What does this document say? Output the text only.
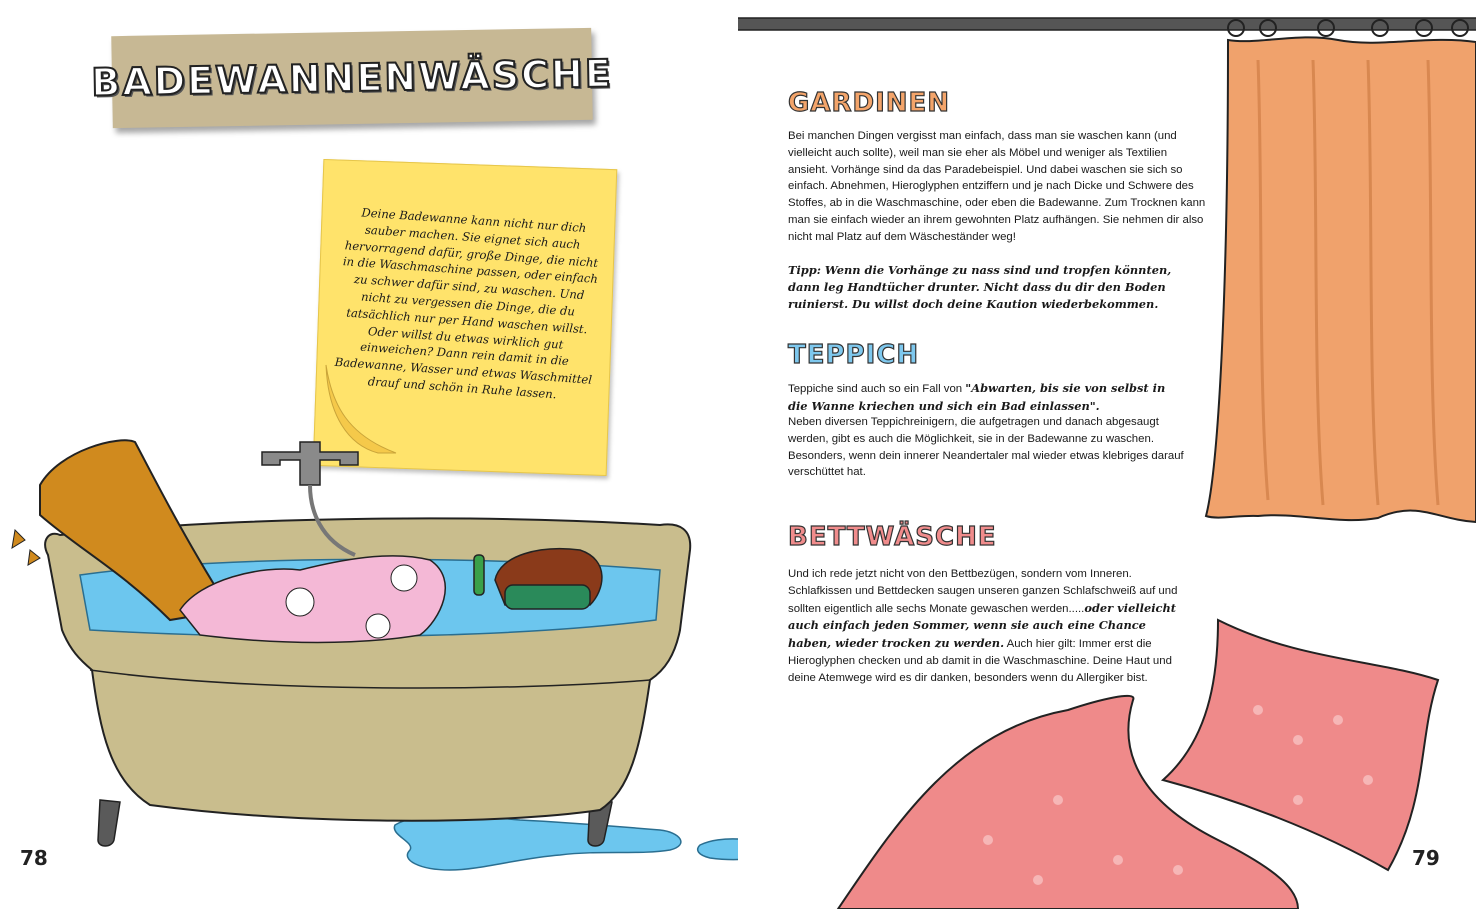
BADEWANNENWÄSCHE
Deine Badewanne kann nicht nur dich sauber machen. Sie eignet sich auch hervorragend dafür, große Dinge, die nicht in die Waschmaschine passen, oder einfach zu schwer dafür sind, zu waschen. Und nicht zu vergessen die Dinge, die du tatsächlich nur per Hand waschen willst. Oder willst du etwas wirklich gut einweichen? Dann rein damit in die Badewanne, Wasser und etwas Waschmittel drauf und schön in Ruhe lassen.
78
GARDINEN
Bei manchen Dingen vergisst man einfach, dass man sie waschen kann (und vielleicht auch sollte), weil man sie eher als Möbel und weniger als Textilien ansieht. Vorhänge sind da das Paradebeispiel. Und dabei waschen sie sich so einfach. Abnehmen, Hieroglyphen entziffern und je nach Dicke und Schwere des Stoffes, ab in die Waschmaschine, oder eben die Badewanne. Zum Trocknen kann man sie einfach wieder an ihrem gewohnten Platz aufhängen. Sie nehmen dir also nicht mal Platz auf dem Wäscheständer weg!
Tipp: Wenn die Vorhänge zu nass sind und tropfen könnten, dann leg Handtücher drunter. Nicht dass du dir den Boden ruinierst. Du willst doch deine Kaution wiederbekommen.
TEPPICH
Teppiche sind auch so ein Fall von "Abwarten, bis sie von selbst in die Wanne kriechen und sich ein Bad einlassen".
Neben diversen Teppichreinigern, die aufgetragen und danach abgesaugt werden, gibt es auch die Möglichkeit, sie in der Badewanne zu waschen. Besonders, wenn dein innerer Neandertaler mal wieder etwas klebriges darauf verschüttet hat.
BETTWÄSCHE
Und ich rede jetzt nicht von den Bettbezügen, sondern vom Inneren. Schlafkissen und Bettdecken saugen unseren ganzen Schlafschweiß auf und sollten eigentlich alle sechs Monate gewaschen werden.....oder vielleicht auch einfach jeden Sommer, wenn sie auch eine Chance haben, wieder trocken zu werden. Auch hier gilt: Immer erst die Hieroglyphen checken und ab damit in die Waschmaschine. Deine Haut und deine Atemwege wird es dir danken, besonders wenn du Allergiker bist.
79
